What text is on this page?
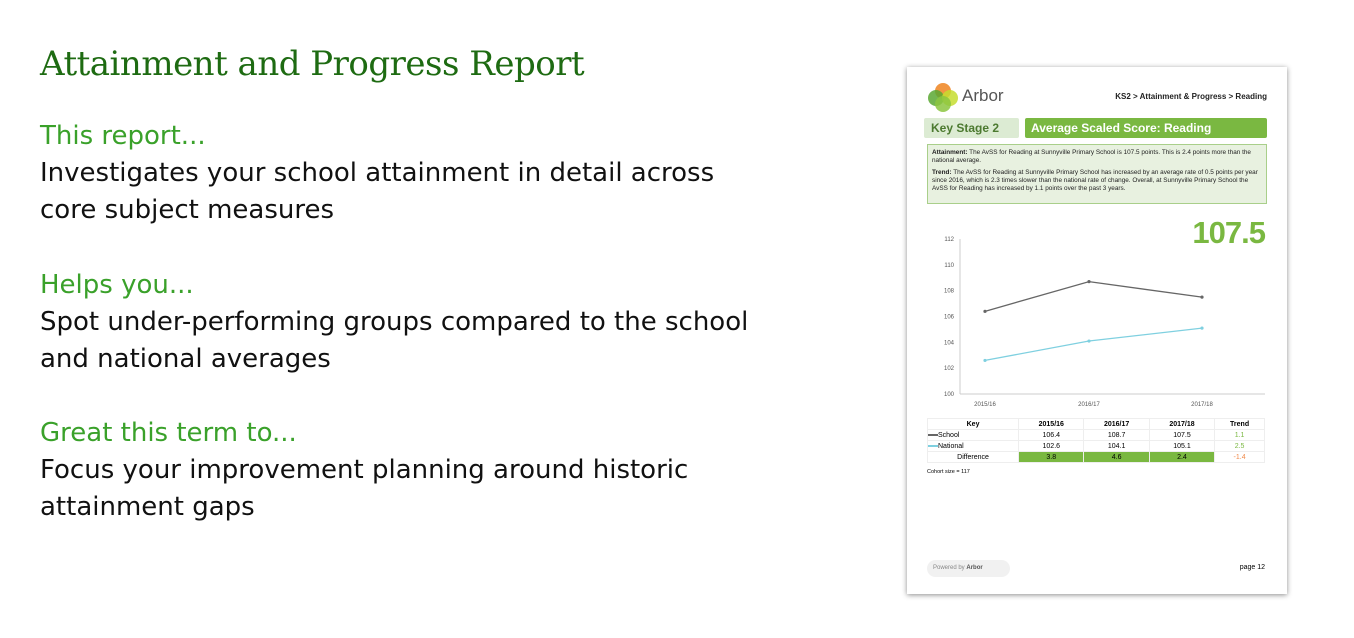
Attainment and Progress Report
This report...
Investigates your school attainment in detail across
core subject measures
Helps you...
Spot under-performing groups compared to the school
and national averages
Great this term to...
Focus your improvement planning around historic
attainment gaps
Arbor	KS2 > Attainment & Progress > Reading
Key Stage 2	Average Scaled Score: Reading
Attainment: The AvSS for Reading at Sunnyville Primary School is 107.5 points. This is 2.4 points more than the national average.
Trend: The AvSS for Reading at Sunnyville Primary School has increased by an average rate of 0.5 points per year since 2016, which is 2.3 times slower than the national rate of change. Overall, at Sunnyville Primary School the AvSS for Reading has increased by 1.1 points over the past 3 years.
107.5
100
102
104
106
108
110
112
2015/16	2016/17	2017/18
Key	2015/16	2016/17	2017/18	Trend
School	106.4	108.7	107.5	1.1
National	102.6	104.1	105.1	2.5
Difference	3.8	4.6	2.4	-1.4
Cohort size = 117
Powered by Arbor	page 12
